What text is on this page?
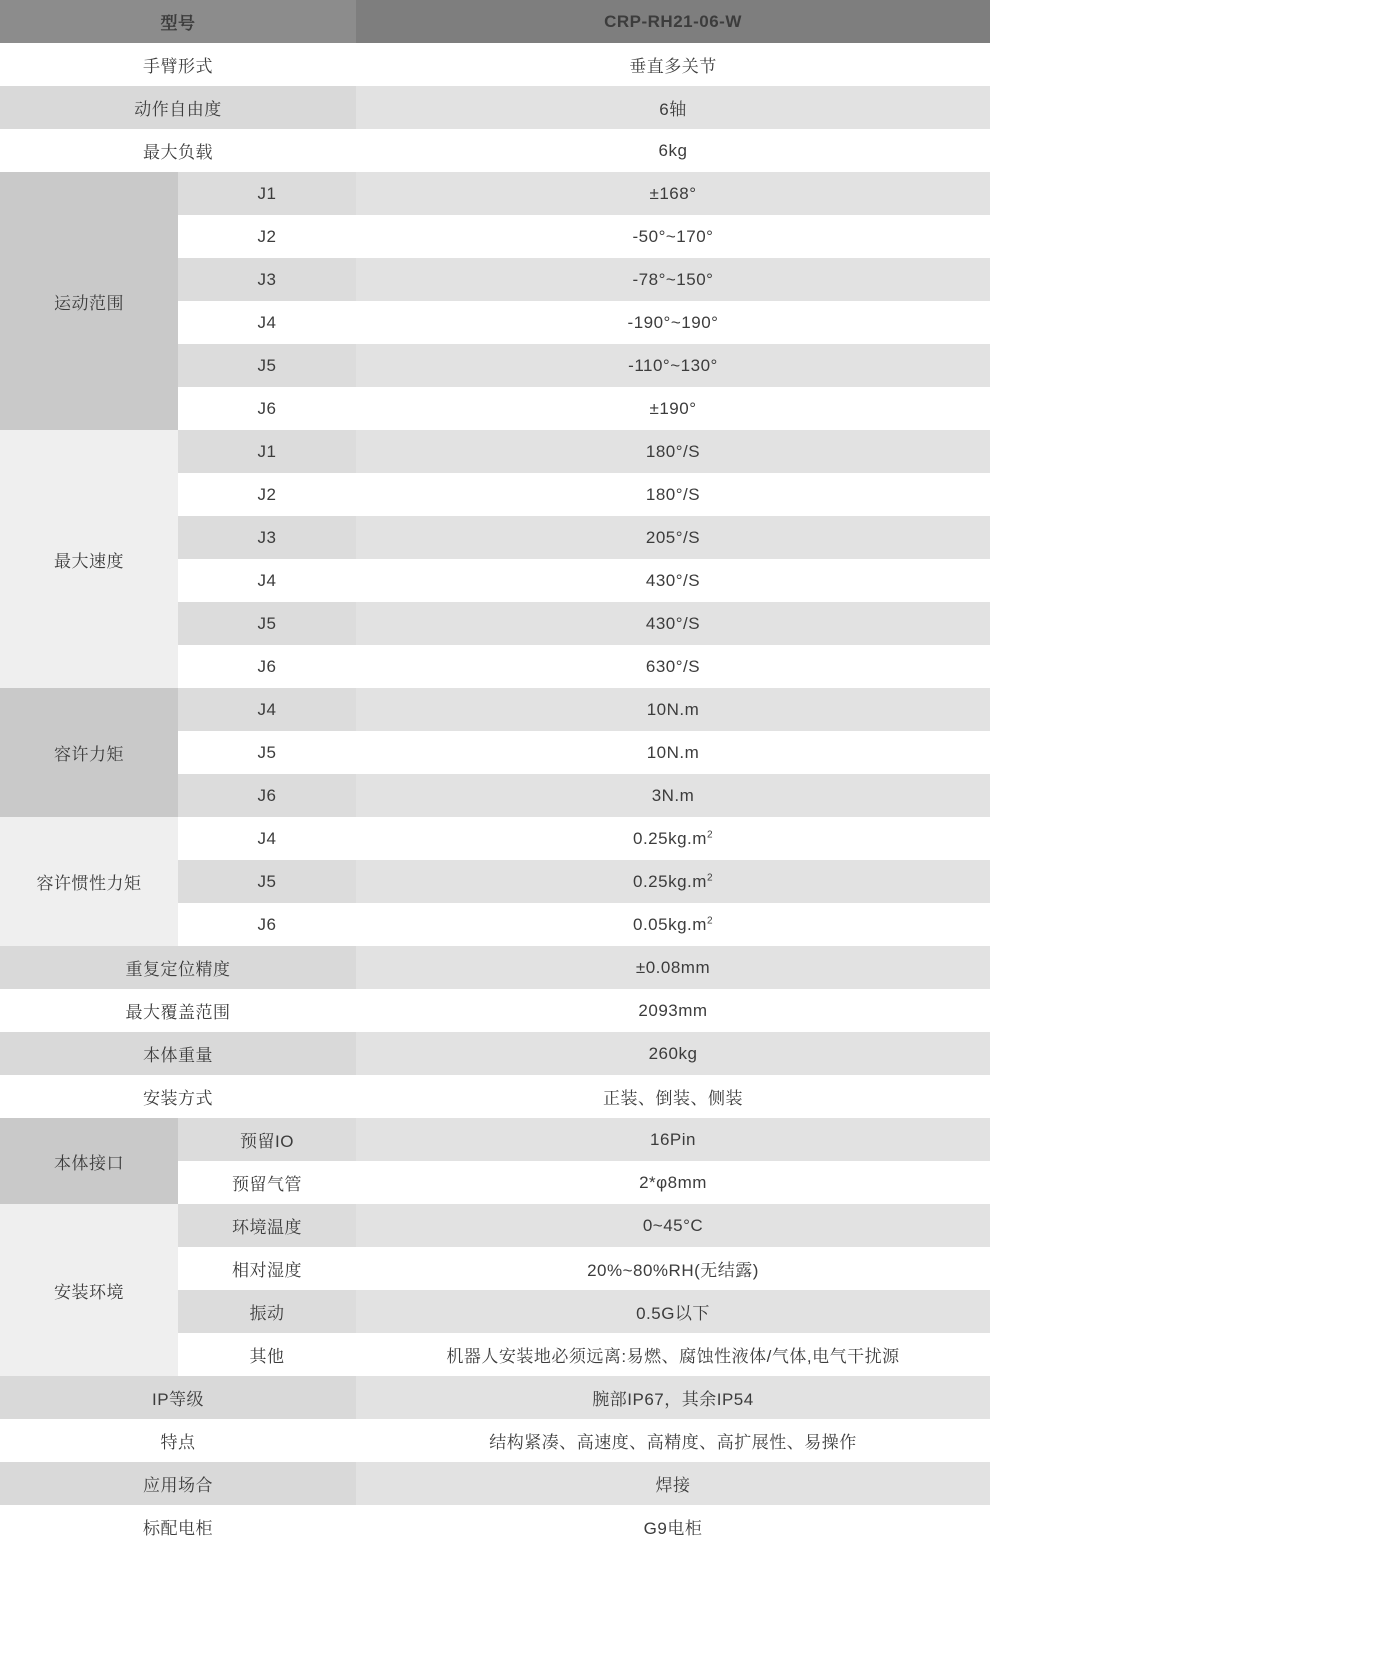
型号		CRP-RH21-06-W
手臂形式		垂直多关节
动作自由度		6轴
最大负载		6kg
运动范围	J1	±168°
	J2	-50°~170°
	J3	-78°~150°
	J4	-190°~190°
	J5	-110°~130°
	J6	±190°
最大速度	J1	180°/S
	J2	180°/S
	J3	205°/S
	J4	430°/S
	J5	430°/S
	J6	630°/S
容许力矩	J4	10N.m
	J5	10N.m
	J6	3N.m
容许惯性力矩	J4	$0.25kg.m^2$
	J5	$0.25kg.m^2$
	J6	$0.05kg.m^2$
重复定位精度		±0.08mm
最大覆盖范围		2093mm
本体重量		260kg
安装方式		正装、倒装、侧装
本体接口	预留IO	16Pin
	预留气管	2*φ8mm
安装环境	环境温度	0~45°C
	相对湿度	20%~80%RH(无结露)
	振动	0.5G以下
	其他	机器人安装地必须远离:易燃、腐蚀性液体/气体,电气干扰源
IP等级		腕部IP67，其余IP54
特点		结构紧凑、高速度、高精度、高扩展性、易操作
应用场合		焊接
标配电柜		G9电柜
